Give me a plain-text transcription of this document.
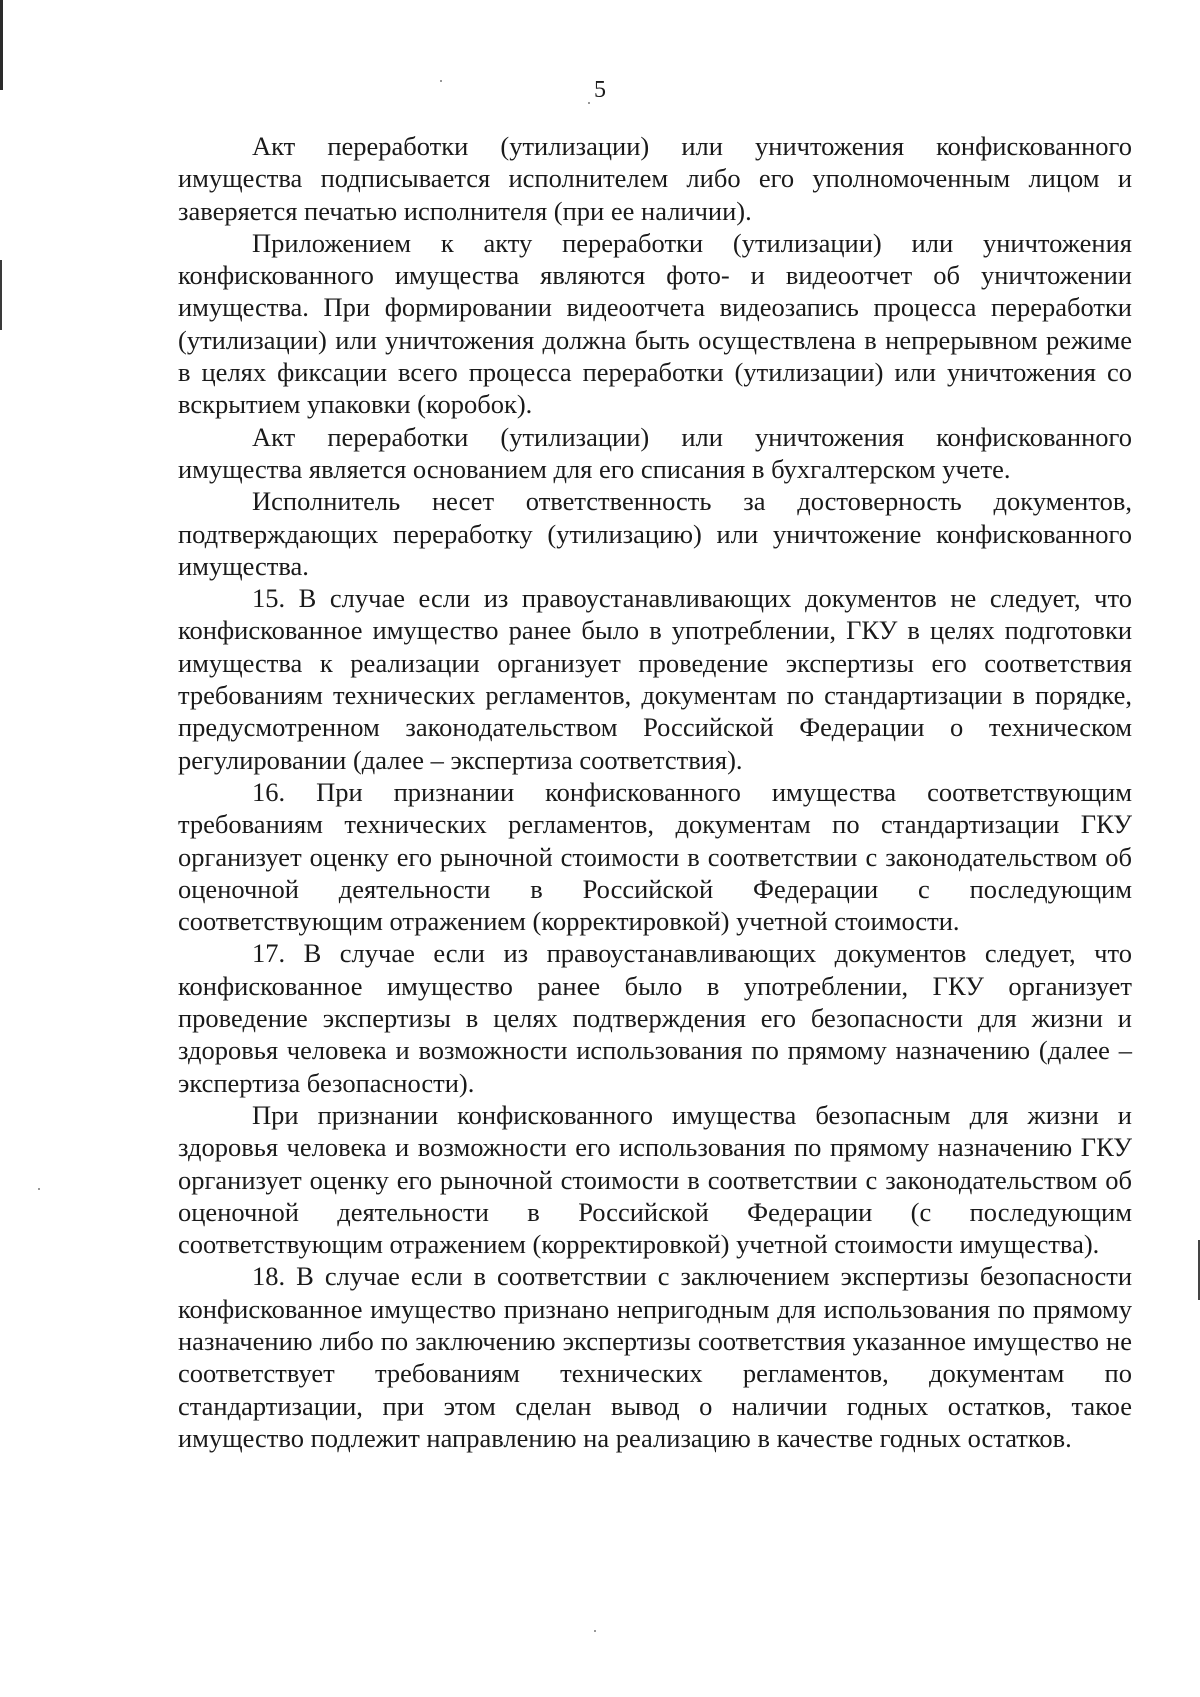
5

Акт переработки (утилизации) или уничтожения конфискованного имущества подписывается исполнителем либо его уполномоченным лицом и заверяется печатью исполнителя (при ее наличии).

Приложением к акту переработки (утилизации) или уничтожения конфискованного имущества являются фото- и видеоотчет об уничтожении имущества. При формировании видеоотчета видеозапись процесса переработки (утилизации) или уничтожения должна быть осуществлена в непрерывном режиме в целях фиксации всего процесса переработки (утилизации) или уничтожения со вскрытием упаковки (коробок).

Акт переработки (утилизации) или уничтожения конфискованного имущества является основанием для его списания в бухгалтерском учете.

Исполнитель несет ответственность за достоверность документов, подтверждающих переработку (утилизацию) или уничтожение конфискованного имущества.

15. В случае если из правоустанавливающих документов не следует, что конфискованное имущество ранее было в употреблении, ГКУ в целях подготовки имущества к реализации организует проведение экспертизы его соответствия требованиям технических регламентов, документам по стандартизации в порядке, предусмотренном законодательством Российской Федерации о техническом регулировании (далее – экспертиза соответствия).

16. При признании конфискованного имущества соответствующим требованиям технических регламентов, документам по стандартизации ГКУ организует оценку его рыночной стоимости в соответствии с законодательством об оценочной деятельности в Российской Федерации с последующим соответствующим отражением (корректировкой) учетной стоимости.

17. В случае если из правоустанавливающих документов следует, что конфискованное имущество ранее было в употреблении, ГКУ организует проведение экспертизы в целях подтверждения его безопасности для жизни и здоровья человека и возможности использования по прямому назначению (далее – экспертиза безопасности).

При признании конфискованного имущества безопасным для жизни и здоровья человека и возможности его использования по прямому назначению ГКУ организует оценку его рыночной стоимости в соответствии с законодательством об оценочной деятельности в Российской Федерации (с последующим соответствующим отражением (корректировкой) учетной стоимости имущества).

18. В случае если в соответствии с заключением экспертизы безопасности конфискованное имущество признано непригодным для использования по прямому назначению либо по заключению экспертизы соответствия указанное имущество не соответствует требованиям технических регламентов, документам по стандартизации, при этом сделан вывод о наличии годных остатков, такое имущество подлежит направлению на реализацию в качестве годных остатков.
